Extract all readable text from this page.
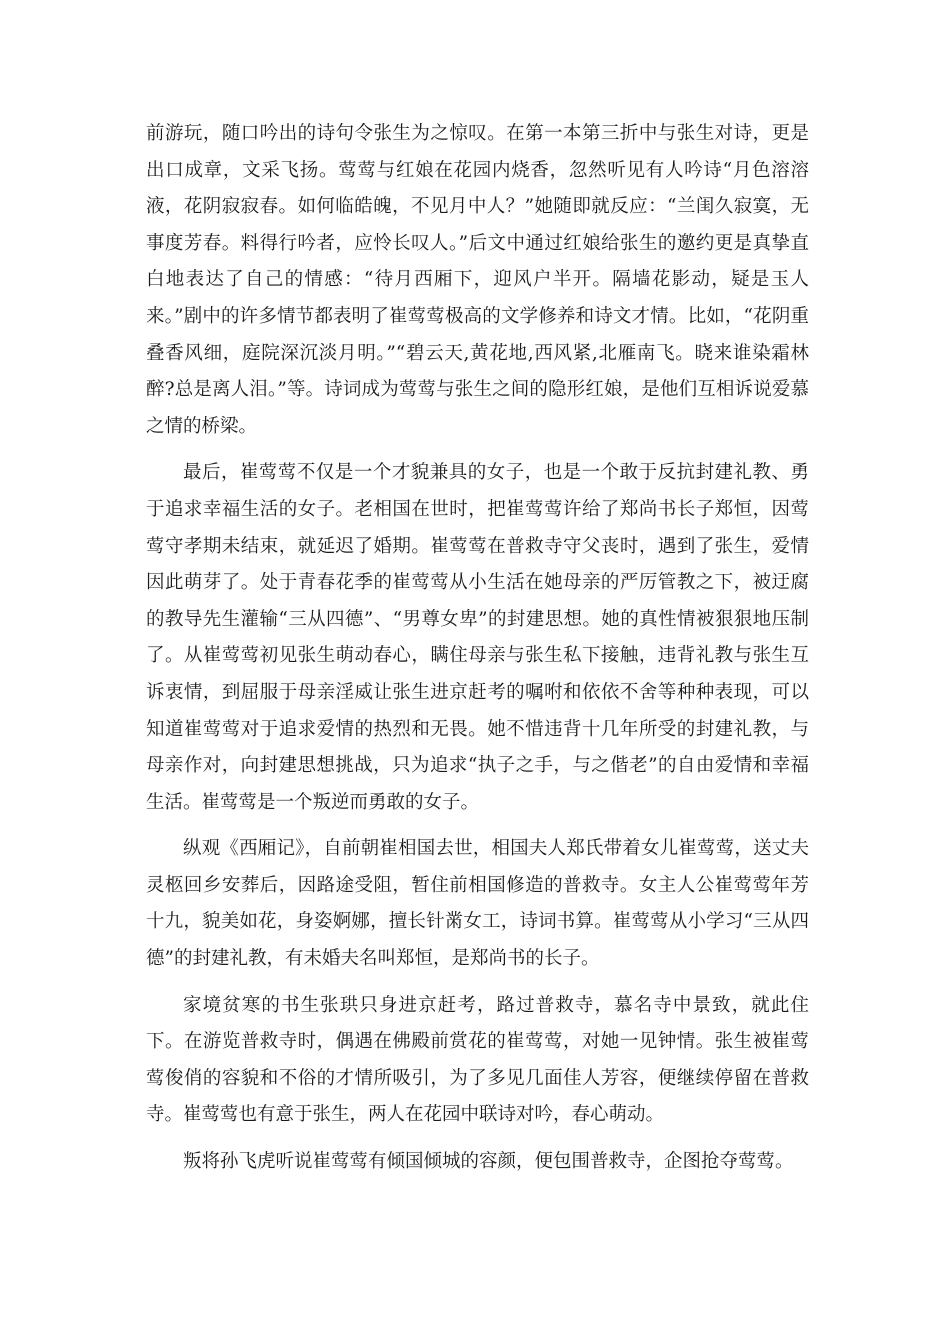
前游玩，随口吟出的诗句令张生为之惊叹。在第一本第三折中与张生对诗，更是出口成章，文采飞扬。莺莺与红娘在花园内烧香，忽然听见有人吟诗“月色溶溶液，花阴寂寂春。如何临皓魄，不见月中人？”她随即就反应：“兰闺久寂寞，无事度芳春。料得行吟者，应怜长叹人。”后文中通过红娘给张生的邀约更是真挚直白地表达了自己的情感：“待月西厢下，迎风户半开。隔墙花影动，疑是玉人来。”剧中的许多情节都表明了崔莺莺极高的文学修养和诗文才情。比如，“花阴重叠香风细，庭院深沉淡月明。”“碧云天,黄花地,西风紧,北雁南飞。晓来谁染霜林醉?总是离人泪。”等。诗词成为莺莺与张生之间的隐形红娘，是他们互相诉说爱慕之情的桥梁。

最后，崔莺莺不仅是一个才貌兼具的女子，也是一个敢于反抗封建礼教、勇于追求幸福生活的女子。老相国在世时，把崔莺莺许给了郑尚书长子郑恒，因莺莺守孝期未结束，就延迟了婚期。崔莺莺在普救寺守父丧时，遇到了张生，爱情因此萌芽了。处于青春花季的崔莺莺从小生活在她母亲的严厉管教之下，被迂腐的教导先生灌输“三从四德”、“男尊女卑”的封建思想。她的真性情被狠狠地压制了。从崔莺莺初见张生萌动春心，瞒住母亲与张生私下接触，违背礼教与张生互诉衷情，到屈服于母亲淫威让张生进京赶考的嘱咐和依依不舍等种种表现，可以知道崔莺莺对于追求爱情的热烈和无畏。她不惜违背十几年所受的封建礼教，与母亲作对，向封建思想挑战，只为追求“执子之手，与之偕老”的自由爱情和幸福生活。崔莺莺是一个叛逆而勇敢的女子。

纵观《西厢记》，自前朝崔相国去世，相国夫人郑氏带着女儿崔莺莺，送丈夫灵柩回乡安葬后，因路途受阻，暂住前相国修造的普救寺。女主人公崔莺莺年芳十九，貌美如花，身姿婀娜，擅长针黹女工，诗词书算。崔莺莺从小学习“三从四德”的封建礼教，有未婚夫名叫郑恒，是郑尚书的长子。

家境贫寒的书生张珙只身进京赶考，路过普救寺，慕名寺中景致，就此住下。在游览普救寺时，偶遇在佛殿前赏花的崔莺莺，对她一见钟情。张生被崔莺莺俊俏的容貌和不俗的才情所吸引，为了多见几面佳人芳容，便继续停留在普救寺。崔莺莺也有意于张生，两人在花园中联诗对吟，春心萌动。

叛将孙飞虎听说崔莺莺有倾国倾城的容颜，便包围普救寺，企图抢夺莺莺。
